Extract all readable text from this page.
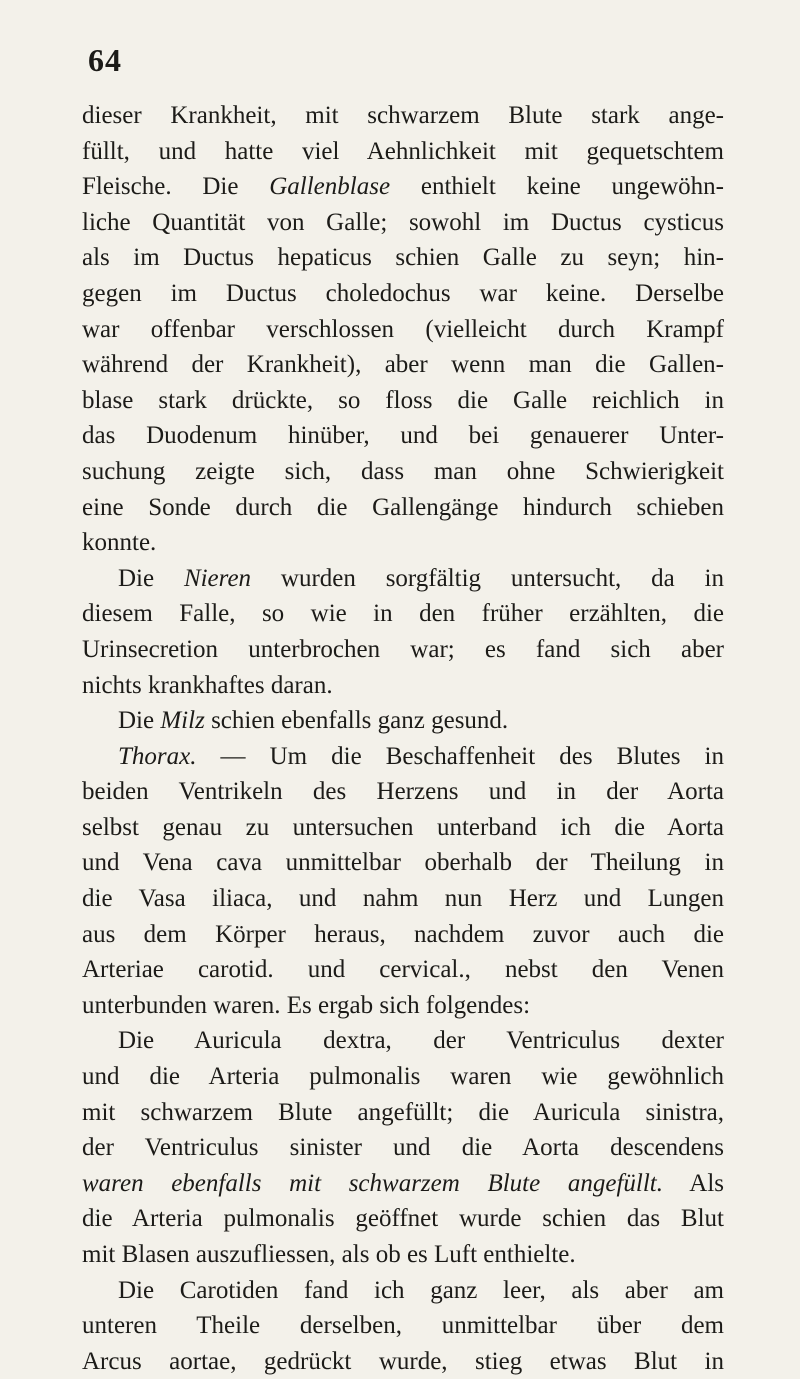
64
dieser Krankheit, mit schwarzem Blute stark ange-
füllt, und hatte viel Aehnlichkeit mit gequetschtem
Fleische. Die Gallenblase enthielt keine ungewöhn-
liche Quantität von Galle; sowohl im Ductus cysticus
als im Ductus hepaticus schien Galle zu seyn; hin-
gegen im Ductus choledochus war keine. Derselbe
war offenbar verschlossen (vielleicht durch Krampf
während der Krankheit), aber wenn man die Gallen-
blase stark drückte, so floss die Galle reichlich in
das Duodenum hinüber, und bei genauerer Unter-
suchung zeigte sich, dass man ohne Schwierigkeit
eine Sonde durch die Gallengänge hindurch schieben
konnte.
Die Nieren wurden sorgfältig untersucht, da in
diesem Falle, so wie in den früher erzählten, die
Urinsecretion unterbrochen war; es fand sich aber
nichts krankhaftes daran.
Die Milz schien ebenfalls ganz gesund.
Thorax. — Um die Beschaffenheit des Blutes in
beiden Ventrikeln des Herzens und in der Aorta
selbst genau zu untersuchen unterband ich die Aorta
und Vena cava unmittelbar oberhalb der Theilung in
die Vasa iliaca, und nahm nun Herz und Lungen
aus dem Körper heraus, nachdem zuvor auch die
Arteriae carotid. und cervical., nebst den Venen
unterbunden waren. Es ergab sich folgendes:
Die Auricula dextra, der Ventriculus dexter
und die Arteria pulmonalis waren wie gewöhnlich
mit schwarzem Blute angefüllt; die Auricula sinistra,
der Ventriculus sinister und die Aorta descendens
waren ebenfalls mit schwarzem Blute angefüllt. Als
die Arteria pulmonalis geöffnet wurde schien das Blut
mit Blasen auszufliessen, als ob es Luft enthielte.
Die Carotiden fand ich ganz leer, als aber am
unteren Theile derselben, unmittelbar über dem
Arcus aortae, gedrückt wurde, stieg etwas Blut in
